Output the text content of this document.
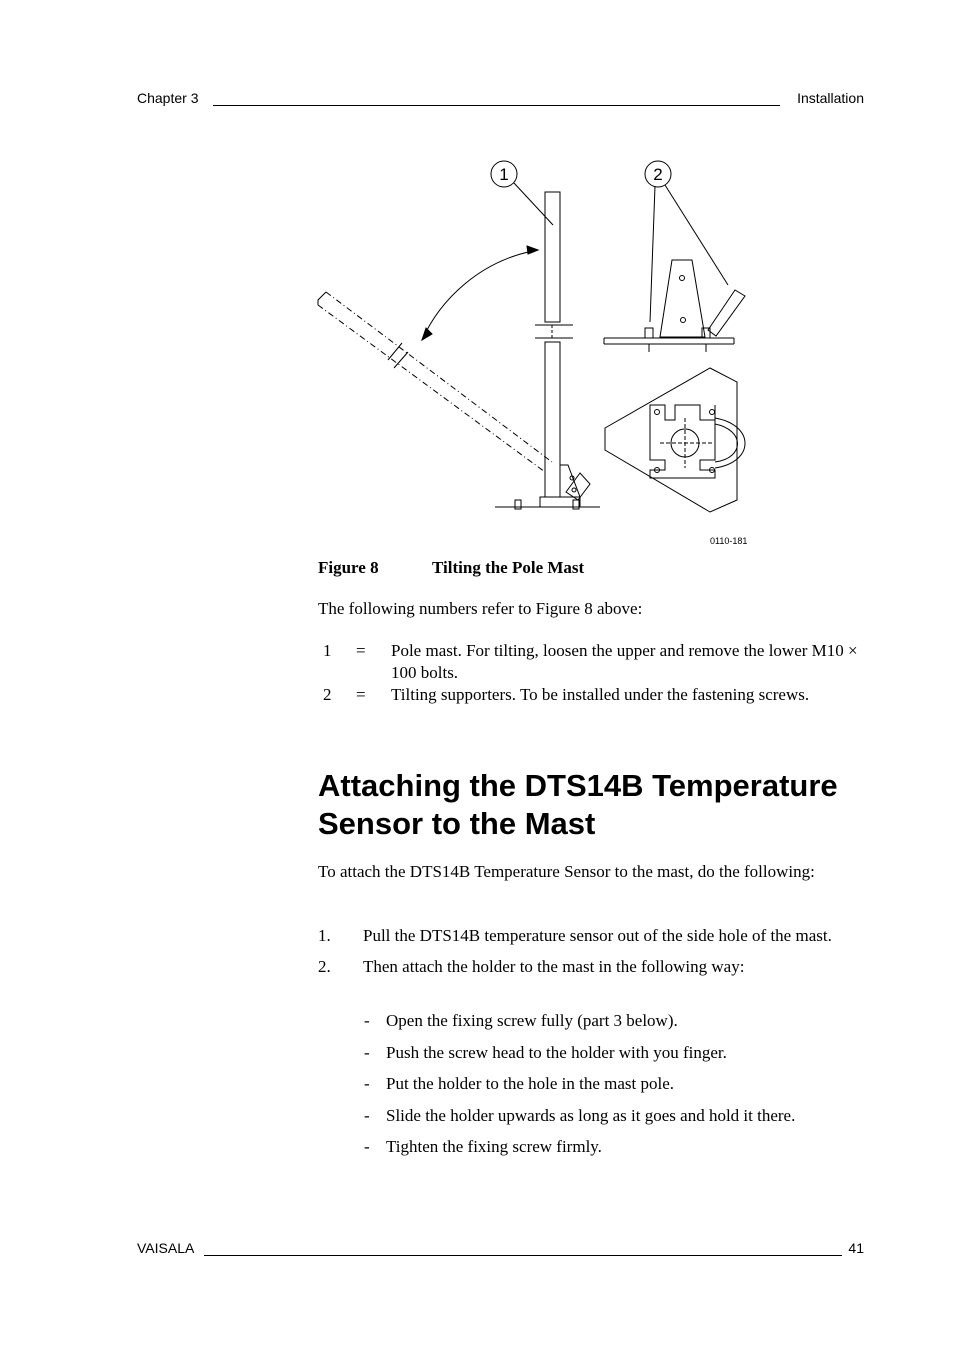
Chapter 3	Installation
1	2
0110-181
Figure 8	Tilting the Pole Mast
The following numbers refer to Figure 8 above:
1 = Pole mast. For tilting, loosen the upper and remove the lower M10 × 100 bolts.
2 = Tilting supporters. To be installed under the fastening screws.
Attaching the DTS14B Temperature Sensor to the Mast
To attach the DTS14B Temperature Sensor to the mast, do the following:
1. Pull the DTS14B temperature sensor out of the side hole of the mast.
2. Then attach the holder to the mast in the following way:
- Open the fixing screw fully (part 3 below).
- Push the screw head to the holder with you finger.
- Put the holder to the hole in the mast pole.
- Slide the holder upwards as long as it goes and hold it there.
- Tighten the fixing screw firmly.
VAISALA	41
